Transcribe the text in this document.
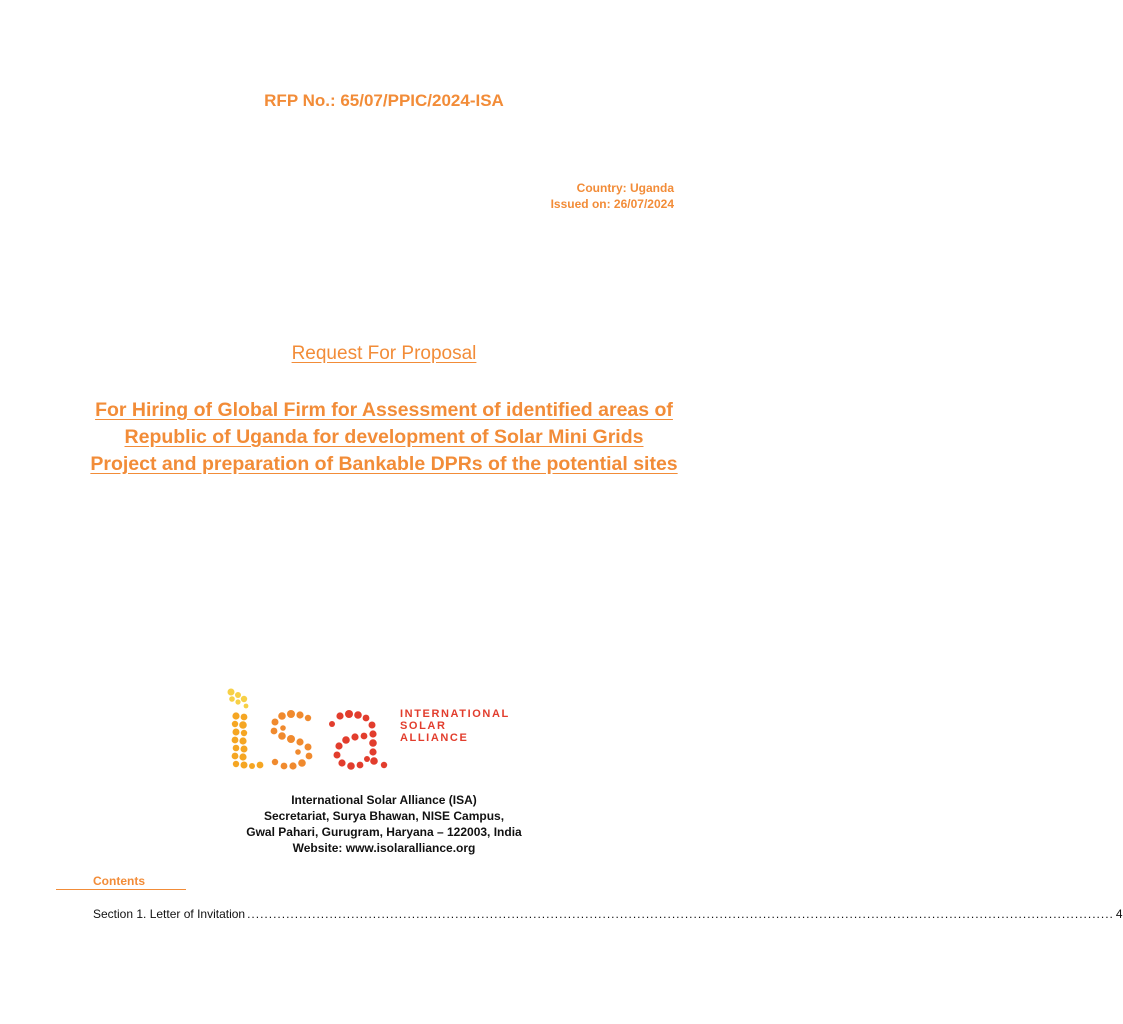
RFP No.: 65/07/PPIC/2024-ISA
Country: Uganda
Issued on: 26/07/2024
Request For Proposal
For Hiring of Global Firm for Assessment of identified areas of Republic of Uganda for development of Solar Mini Grids Project and preparation of Bankable DPRs of the potential sites
INTERNATIONAL
SOLAR
ALLIANCE
International Solar Alliance (ISA)
Secretariat, Surya Bhawan, NISE Campus,
Gwal Pahari, Gurugram, Haryana – 122003, India
Website: www.isolaralliance.org
Contents
Section 1. Letter of Invitation ........................................................................................................................................................................................................ 4
